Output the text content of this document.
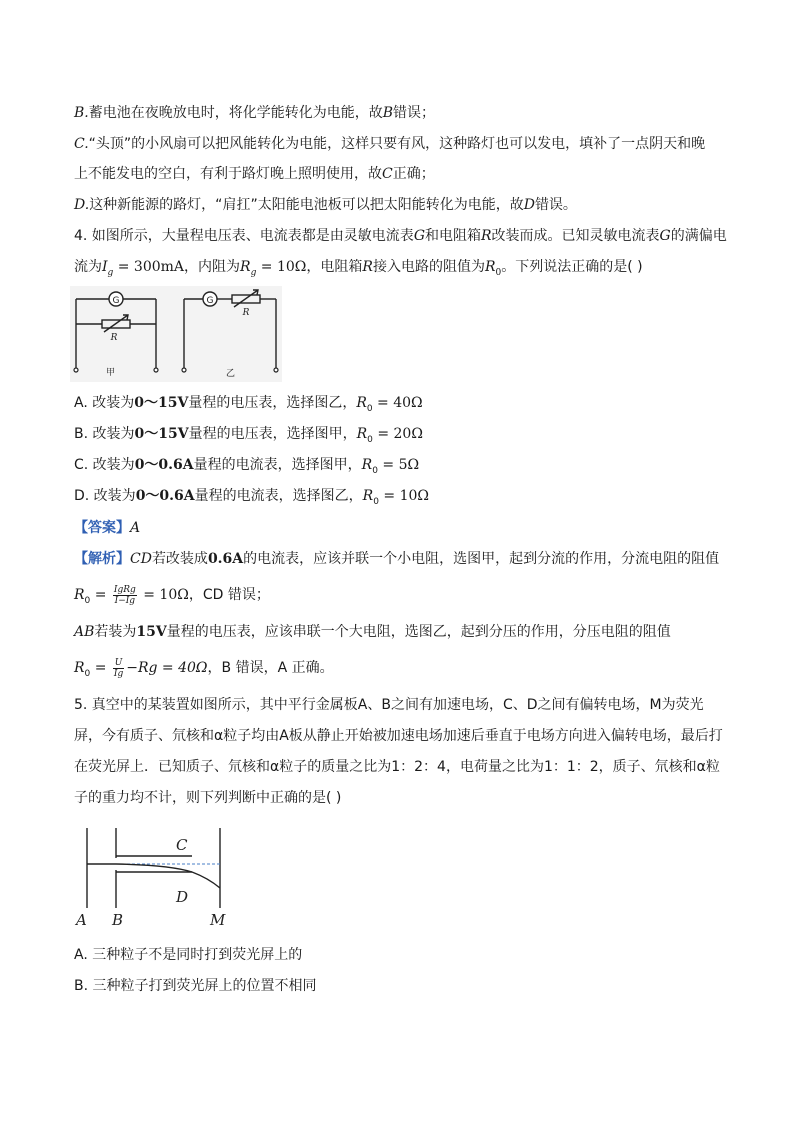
B.蓄电池在夜晚放电时，将化学能转化为电能，故B错误；
C.“头顶”的小风扇可以把风能转化为电能，这样只要有风，这种路灯也可以发电，填补了一点阴天和晚
上不能发电的空白，有利于路灯晚上照明使用，故C正确；
D.这种新能源的路灯，“肩扛”太阳能电池板可以把太阳能转化为电能，故D错误。
4. 如图所示，大量程电压表、电流表都是由灵敏电流表G和电阻箱R改装而成。已知灵敏电流表G的满偏电
流为$I_g = 300mA$，内阻为$R_g = 10\Omega$，电阻箱R接入电路的阻值为$R_0$。下列说法正确的是( )
G
R
G
R
甲	乙
A. 改装为0～15V量程的电压表，选择图乙，$R_0 = 40\Omega$
B. 改装为0～15V量程的电压表，选择图甲，$R_0 = 20\Omega$
C. 改装为0～0.6A量程的电流表，选择图甲，$R_0 = 5\Omega$
D. 改装为0～0.6A量程的电流表，选择图乙，$R_0 = 10\Omega$
【答案】A
【解析】CD若改装成0.6A的电流表，应该并联一个小电阻，选图甲，起到分流的作用，分流电阻的阻值
$R_0 = \frac{\text{IgRg}}{I-Ig} = 10\Omega$，CD 错误；
AB若装为15V量程的电压表，应该串联一个大电阻，选图乙，起到分压的作用，分压电阻的阻值
$R_0 = \frac{U}{Ig} -Rg = 40\Omega$，B 错误，A 正确。
5. 真空中的某装置如图所示，其中平行金属板A、B之间有加速电场，C、D之间有偏转电场，M为荧光
屏，今有质子、氘核和α粒子均由A板从静止开始被加速电场加速后垂直于电场方向进入偏转电场，最后打
在荧光屏上．已知质子、氘核和α粒子的质量之比为1：2：4，电荷量之比为1：1：2，质子、氘核和α粒
子的重力均不计，则下列判断中正确的是( )
C
D
A B	M
A. 三种粒子不是同时打到荧光屏上的
B. 三种粒子打到荧光屏上的位置不相同
